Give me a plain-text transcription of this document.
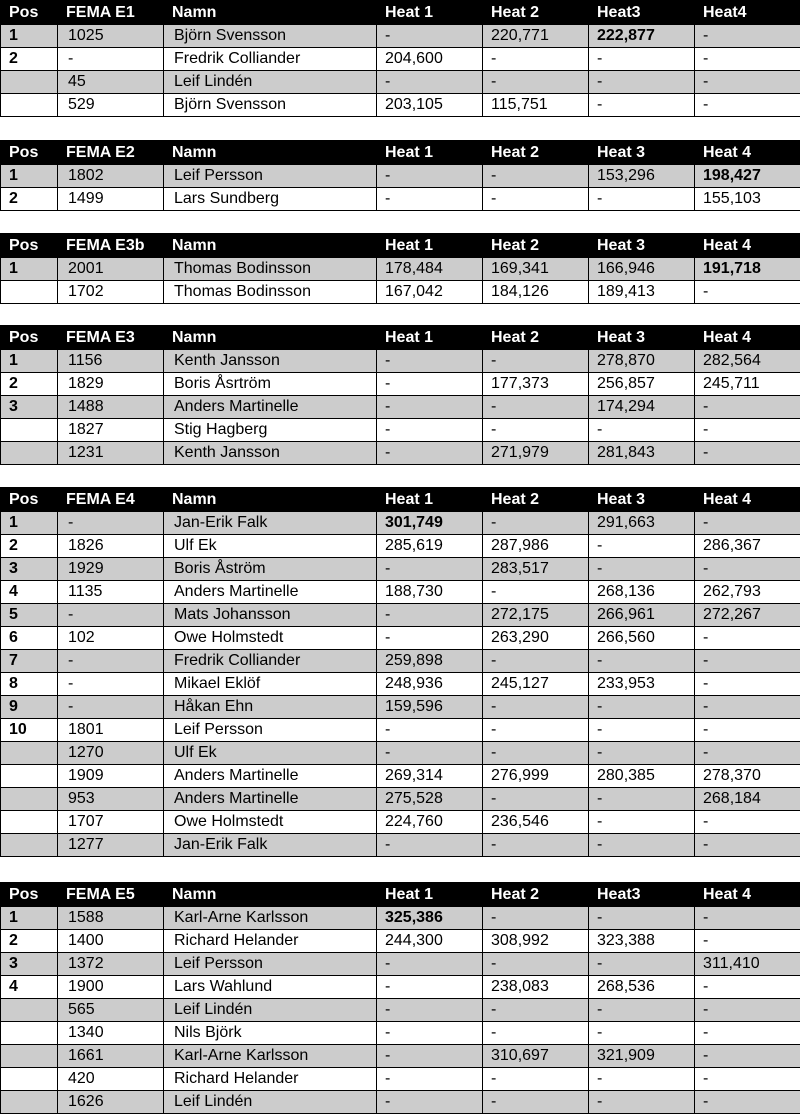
Pos	FEMA E1	Namn	Heat 1	Heat 2	Heat3	Heat4
1	1025	Björn Svensson	-	220,771	222,877	-
2	-	Fredrik Colliander	204,600	-	-	-
	45	Leif Lindén	-	-	-	-
	529	Björn Svensson	203,105	115,751	-	-
Pos	FEMA E2	Namn	Heat 1	Heat 2	Heat 3	Heat 4
1	1802	Leif Persson	-	-	153,296	198,427
2	1499	Lars Sundberg	-	-	-	155,103
Pos	FEMA E3b	Namn	Heat 1	Heat 2	Heat 3	Heat 4
1	2001	Thomas Bodinsson	178,484	169,341	166,946	191,718
	1702	Thomas Bodinsson	167,042	184,126	189,413	-
Pos	FEMA E3	Namn	Heat 1	Heat 2	Heat 3	Heat 4
1	1156	Kenth Jansson	-	-	278,870	282,564
2	1829	Boris Åsrtröm	-	177,373	256,857	245,711
3	1488	Anders Martinelle	-	-	174,294	-
	1827	Stig Hagberg	-	-	-	-
	1231	Kenth Jansson	-	271,979	281,843	-
Pos	FEMA E4	Namn	Heat 1	Heat 2	Heat 3	Heat 4
1	-	Jan-Erik Falk	301,749	-	291,663	-
2	1826	Ulf Ek	285,619	287,986	-	286,367
3	1929	Boris Åström	-	283,517	-	-
4	1135	Anders Martinelle	188,730	-	268,136	262,793
5	-	Mats Johansson	-	272,175	266,961	272,267
6	102	Owe Holmstedt	-	263,290	266,560	-
7	-	Fredrik Colliander	259,898	-	-	-
8	-	Mikael Eklöf	248,936	245,127	233,953	-
9	-	Håkan Ehn	159,596	-	-	-
10	1801	Leif Persson	-	-	-	-
	1270	Ulf Ek	-	-	-	-
	1909	Anders Martinelle	269,314	276,999	280,385	278,370
	953	Anders Martinelle	275,528	-	-	268,184
	1707	Owe Holmstedt	224,760	236,546	-	-
	1277	Jan-Erik Falk	-	-	-	-
Pos	FEMA E5	Namn	Heat 1	Heat 2	Heat3	Heat 4
1	1588	Karl-Arne Karlsson	325,386	-	-	-
2	1400	Richard Helander	244,300	308,992	323,388	-
3	1372	Leif Persson	-	-	-	311,410
4	1900	Lars Wahlund	-	238,083	268,536	-
	565	Leif Lindén	-	-	-	-
	1340	Nils Björk	-	-	-	-
	1661	Karl-Arne Karlsson	-	310,697	321,909	-
	420	Richard Helander	-	-	-	-
	1626	Leif Lindén	-	-	-	-
